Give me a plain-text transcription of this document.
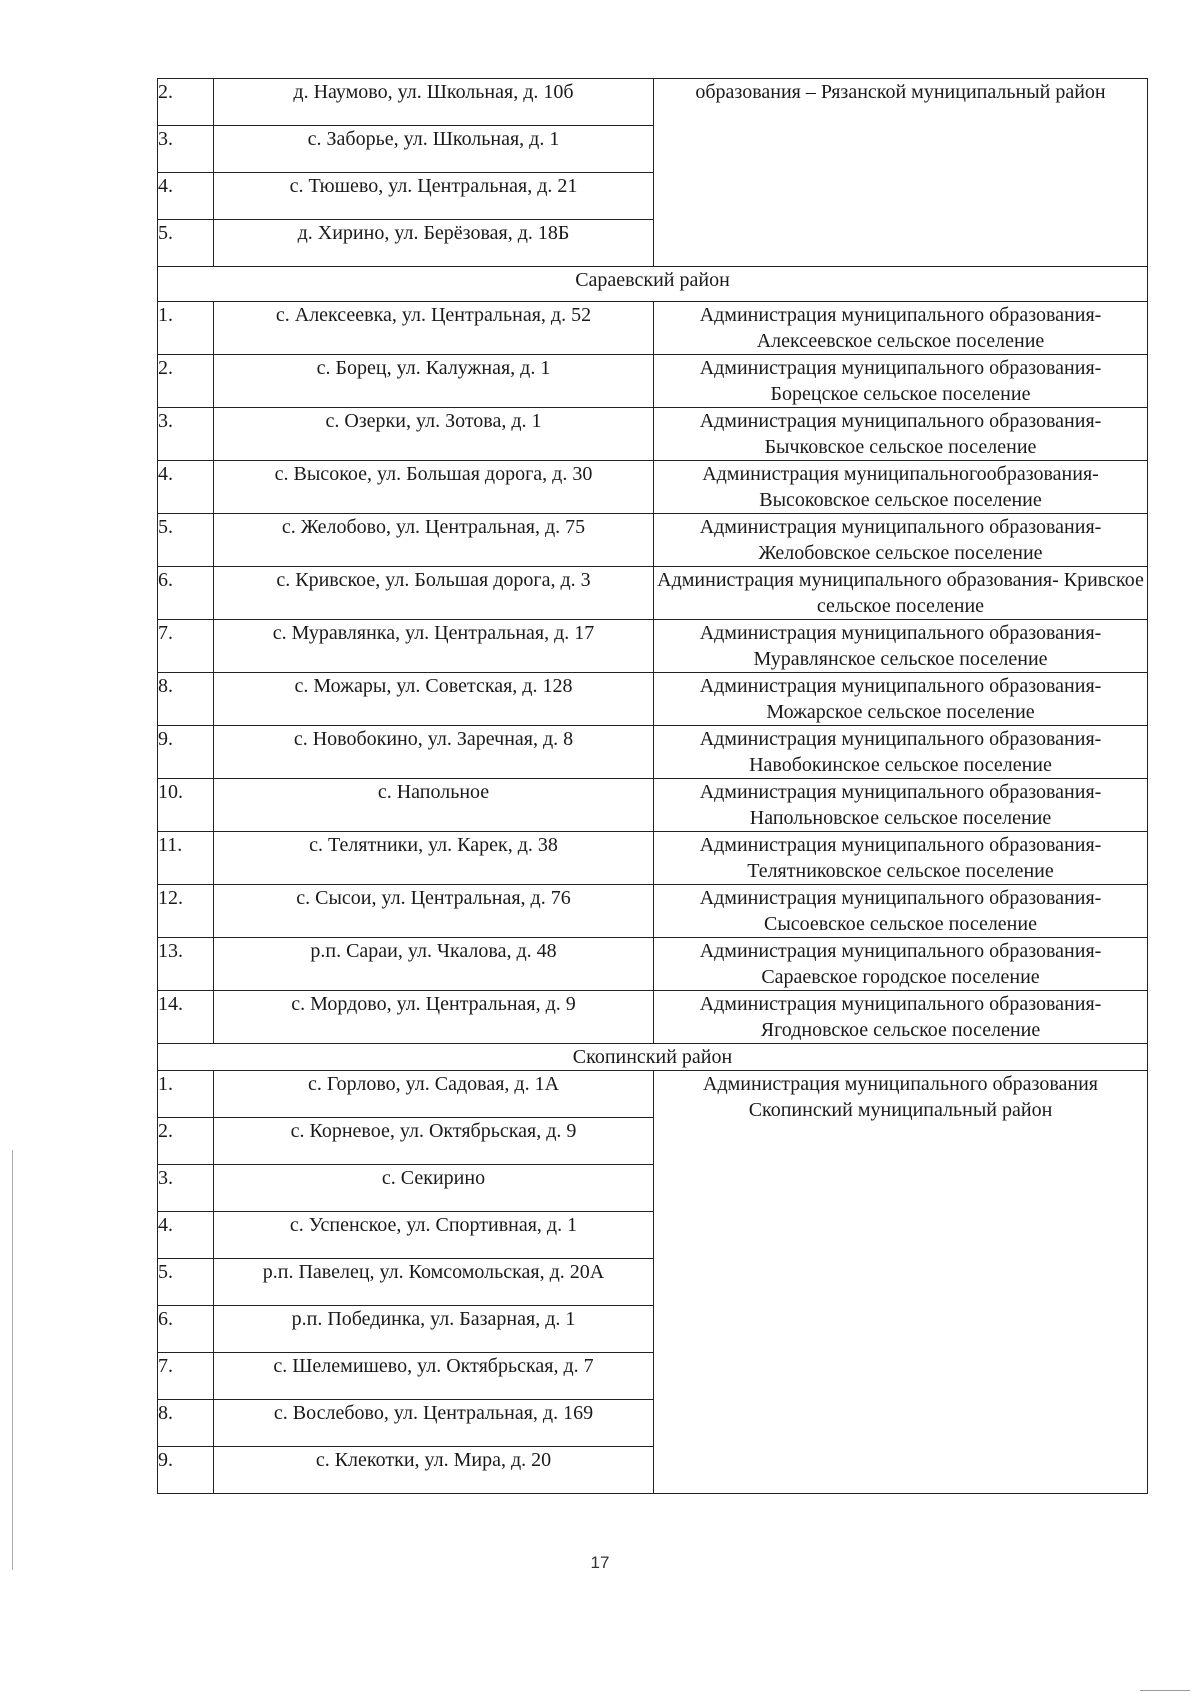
2.	д. Наумово, ул. Школьная, д. 10б	образования – Рязанской муниципальный район
3.	с. Заборье, ул. Школьная, д. 1	
4.	с. Тюшево, ул. Центральная, д. 21	
5.	д. Хирино, ул. Берёзовая, д. 18Б	
Сараевский район		
1.	с. Алексеевка, ул. Центральная, д. 52	Администрация муниципального образования- Алексеевское сельское поселение
2.	с. Борец, ул. Калужная, д. 1	Администрация муниципального образования- Борецское сельское поселение
3.	с. Озерки, ул. Зотова, д. 1	Администрация муниципального образования- Бычковское сельское поселение
4.	с. Высокое, ул. Большая дорога, д. 30	Администрация муниципальногообразования- Высоковское сельское поселение
5.	с. Желобово, ул. Центральная, д. 75	Администрация муниципального образования- Желобовское сельское поселение
6.	с. Кривское, ул. Большая дорога, д. 3	Администрация муниципального образования- Кривское сельское поселение
7.	с. Муравлянка, ул. Центральная, д. 17	Администрация муниципального образования- Муравлянское сельское поселение
8.	с. Можары, ул. Советская, д. 128	Администрация муниципального образования- Можарское сельское поселение
9.	с. Новобокино, ул. Заречная, д. 8	Администрация муниципального образования- Навобокинское сельское поселение
10.	с. Напольное	Администрация муниципального образования- Напольновское сельское поселение
11.	с. Телятники, ул. Карек, д. 38	Администрация муниципального образования- Телятниковское сельское поселение
12.	с. Сысои, ул. Центральная, д. 76	Администрация муниципального образования- Сысоевское сельское поселение
13.	р.п. Сараи, ул. Чкалова, д. 48	Администрация муниципального образования- Сараевское городское поселение
14.	с. Мордово, ул. Центральная, д. 9	Администрация муниципального образования- Ягодновское сельское поселение
Скопинский район		
1.	с. Горлово, ул. Садовая, д. 1А	Администрация муниципального образования Скопинский муниципальный район
2.	с. Корневое, ул. Октябрьская, д. 9	
3.	с. Секирино	
4.	с. Успенское, ул. Спортивная, д. 1	
5.	р.п. Павелец, ул. Комсомольская, д. 20А	
6.	р.п. Побединка, ул. Базарная, д. 1	
7.	с. Шелемишево, ул. Октябрьская, д. 7	
8.	с. Вослебово, ул. Центральная, д. 169	
9.	с. Клекотки, ул. Мира, д. 20	
17
